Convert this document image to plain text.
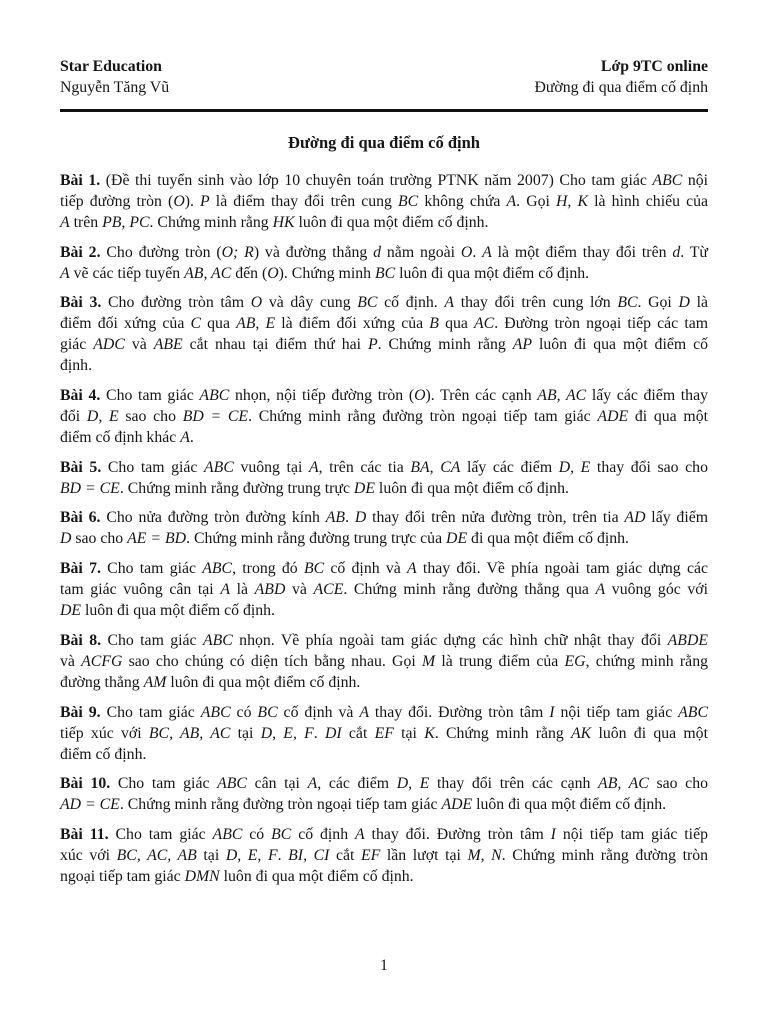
Star Education
Nguyễn Tăng Vũ
Lớp 9TC online
Đường đi qua điểm cố định
Đường đi qua điểm cố định
Bài 1. (Đề thi tuyển sinh vào lớp 10 chuyên toán trường PTNK năm 2007) Cho tam giác ABC nội
tiếp đường tròn (O). P là điểm thay đổi trên cung BC không chứa A. Gọi H, K là hình chiếu của
A trên PB, PC. Chứng minh rằng HK luôn đi qua một điểm cố định.
Bài 2. Cho đường tròn (O; R) và đường thẳng d nằm ngoài O. A là một điểm thay đổi trên d. Từ
A vẽ các tiếp tuyến AB, AC đến (O). Chứng minh BC luôn đi qua một điểm cố định.
Bài 3. Cho đường tròn tâm O và dây cung BC cố định. A thay đổi trên cung lớn BC. Gọi D là
điểm đối xứng của C qua AB, E là điểm đối xứng của B qua AC. Đường tròn ngoại tiếp các tam
giác ADC và ABE cắt nhau tại điểm thứ hai P. Chứng minh rằng AP luôn đi qua một điểm cố
định.
Bài 4. Cho tam giác ABC nhọn, nội tiếp đường tròn (O). Trên các cạnh AB, AC lấy các điểm thay
đổi D, E sao cho BD = CE. Chứng minh rằng đường tròn ngoại tiếp tam giác ADE đi qua một
điểm cố định khác A.
Bài 5. Cho tam giác ABC vuông tại A, trên các tia BA, CA lấy các điểm D, E thay đổi sao cho
BD = CE. Chứng minh rằng đường trung trực DE luôn đi qua một điểm cố định.
Bài 6. Cho nửa đường tròn đường kính AB. D thay đổi trên nửa đường tròn, trên tia AD lấy điểm
D sao cho AE = BD. Chứng minh rằng đường trung trực của DE đi qua một điểm cố định.
Bài 7. Cho tam giác ABC, trong đó BC cố định và A thay đổi. Về phía ngoài tam giác dựng các
tam giác vuông cân tại A là ABD và ACE. Chứng minh rằng đường thẳng qua A vuông góc với
DE luôn đi qua một điểm cố định.
Bài 8. Cho tam giác ABC nhọn. Về phía ngoài tam giác dựng các hình chữ nhật thay đổi ABDE
và ACFG sao cho chúng có diện tích bằng nhau. Gọi M là trung điểm của EG, chứng minh rằng
đường thẳng AM luôn đi qua một điểm cố định.
Bài 9. Cho tam giác ABC có BC cố định và A thay đổi. Đường tròn tâm I nội tiếp tam giác ABC
tiếp xúc với BC, AB, AC tại D, E, F. DI cắt EF tại K. Chứng minh rằng AK luôn đi qua một
điểm cố định.
Bài 10. Cho tam giác ABC cân tại A, các điểm D, E thay đổi trên các cạnh AB, AC sao cho
AD = CE. Chứng minh rằng đường tròn ngoại tiếp tam giác ADE luôn đi qua một điểm cố định.
Bài 11. Cho tam giác ABC có BC cố định A thay đổi. Đường tròn tâm I nội tiếp tam giác tiếp
xúc với BC, AC, AB tại D, E, F. BI, CI cắt EF lần lượt tại M, N. Chứng minh rằng đường tròn
ngoại tiếp tam giác DMN luôn đi qua một điểm cố định.
1
